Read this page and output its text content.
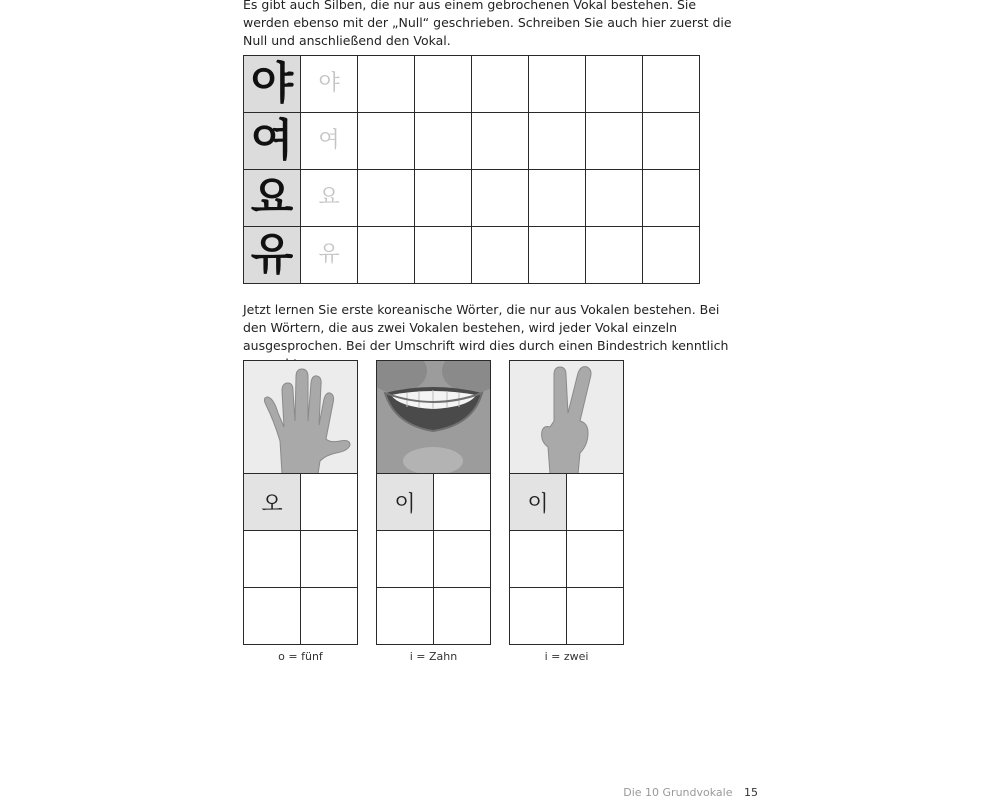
Es gibt auch Silben, die nur aus einem gebrochenen Vokal bestehen. Sie werden ebenso mit der „Null“ geschrieben. Schreiben Sie auch hier zuerst die Null und anschließend den Vokal.
야	야						

여	여						

요	요						

유	유						

Jetzt lernen Sie erste koreanische Wörter, die nur aus Vokalen bestehen. Bei den Wörtern, die aus zwei Vokalen bestehen, wird jeder Vokal einzeln ausgesprochen. Bei der Umschrift wird dies durch einen Bindestrich kenntlich
오	

o = fünf
이	

i = Zahn
이	

i = zwei
Die 10 Grundvokale 15
